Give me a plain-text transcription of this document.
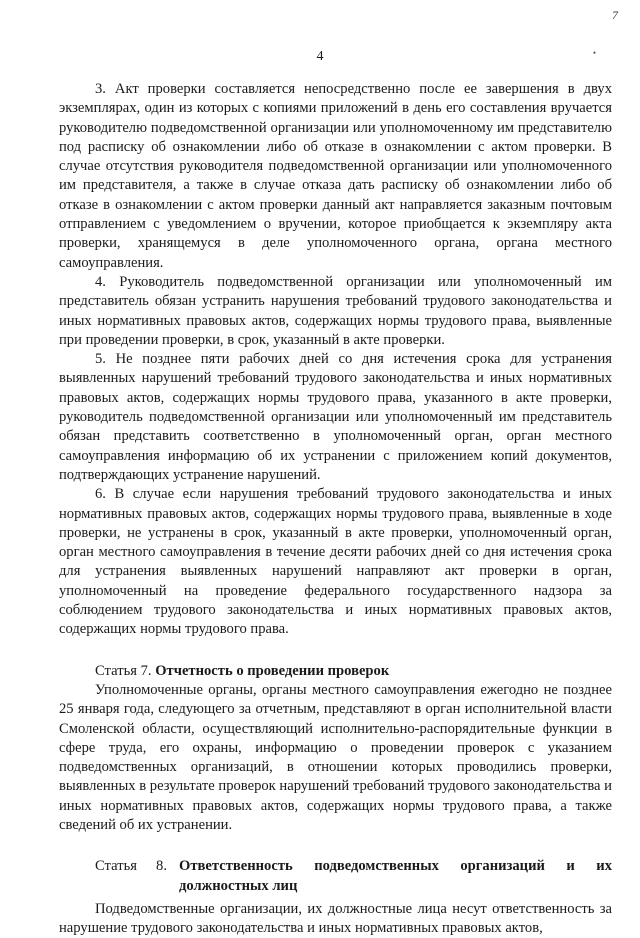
7
•
4

3. Акт проверки составляется непосредственно после ее завершения в двух экземплярах, один из которых с копиями приложений в день его составления вручается руководителю подведомственной организации или уполномоченному им представителю под расписку об ознакомлении либо об отказе в ознакомлении с актом проверки. В случае отсутствия руководителя подведомственной организации или уполномоченного им представителя, а также в случае отказа дать расписку об ознакомлении либо об отказе в ознакомлении с актом проверки данный акт направляется заказным почтовым отправлением с уведомлением о вручении, которое приобщается к экземпляру акта проверки, хранящемуся в деле уполномоченного органа, органа местного самоуправления.

4. Руководитель подведомственной организации или уполномоченный им представитель обязан устранить нарушения требований трудового законодательства и иных нормативных правовых актов, содержащих нормы трудового права, выявленные при проведении проверки, в срок, указанный в акте проверки.

5. Не позднее пяти рабочих дней со дня истечения срока для устранения выявленных нарушений требований трудового законодательства и иных нормативных правовых актов, содержащих нормы трудового права, указанного в акте проверки, руководитель подведомственной организации или уполномоченный им представитель обязан представить соответственно в уполномоченный орган, орган местного самоуправления информацию об их устранении с приложением копий документов, подтверждающих устранение нарушений.

6. В случае если нарушения требований трудового законодательства и иных нормативных правовых актов, содержащих нормы трудового права, выявленные в ходе проверки, не устранены в срок, указанный в акте проверки, уполномоченный орган, орган местного самоуправления в течение десяти рабочих дней со дня истечения срока для устранения выявленных нарушений направляют акт проверки в орган, уполномоченный на проведение федерального государственного надзора за соблюдением трудового законодательства и иных нормативных правовых актов, содержащих нормы трудового права.

Статья 7. Отчетность о проведении проверок

Уполномоченные органы, органы местного самоуправления ежегодно не позднее 25 января года, следующего за отчетным, представляют в орган исполнительной власти Смоленской области, осуществляющий исполнительно-распорядительные функции в сфере труда, его охраны, информацию о проведении проверок с указанием подведомственных организаций, в отношении которых проводились проверки, выявленных в результате проверок нарушений требований трудового законодательства и иных нормативных правовых актов, содержащих нормы трудового права, а также сведений об их устранении.

Статья 8. Ответственность подведомственных организаций и их должностных лиц

Подведомственные организации, их должностные лица несут ответственность за нарушение трудового законодательства и иных нормативных правовых актов,
